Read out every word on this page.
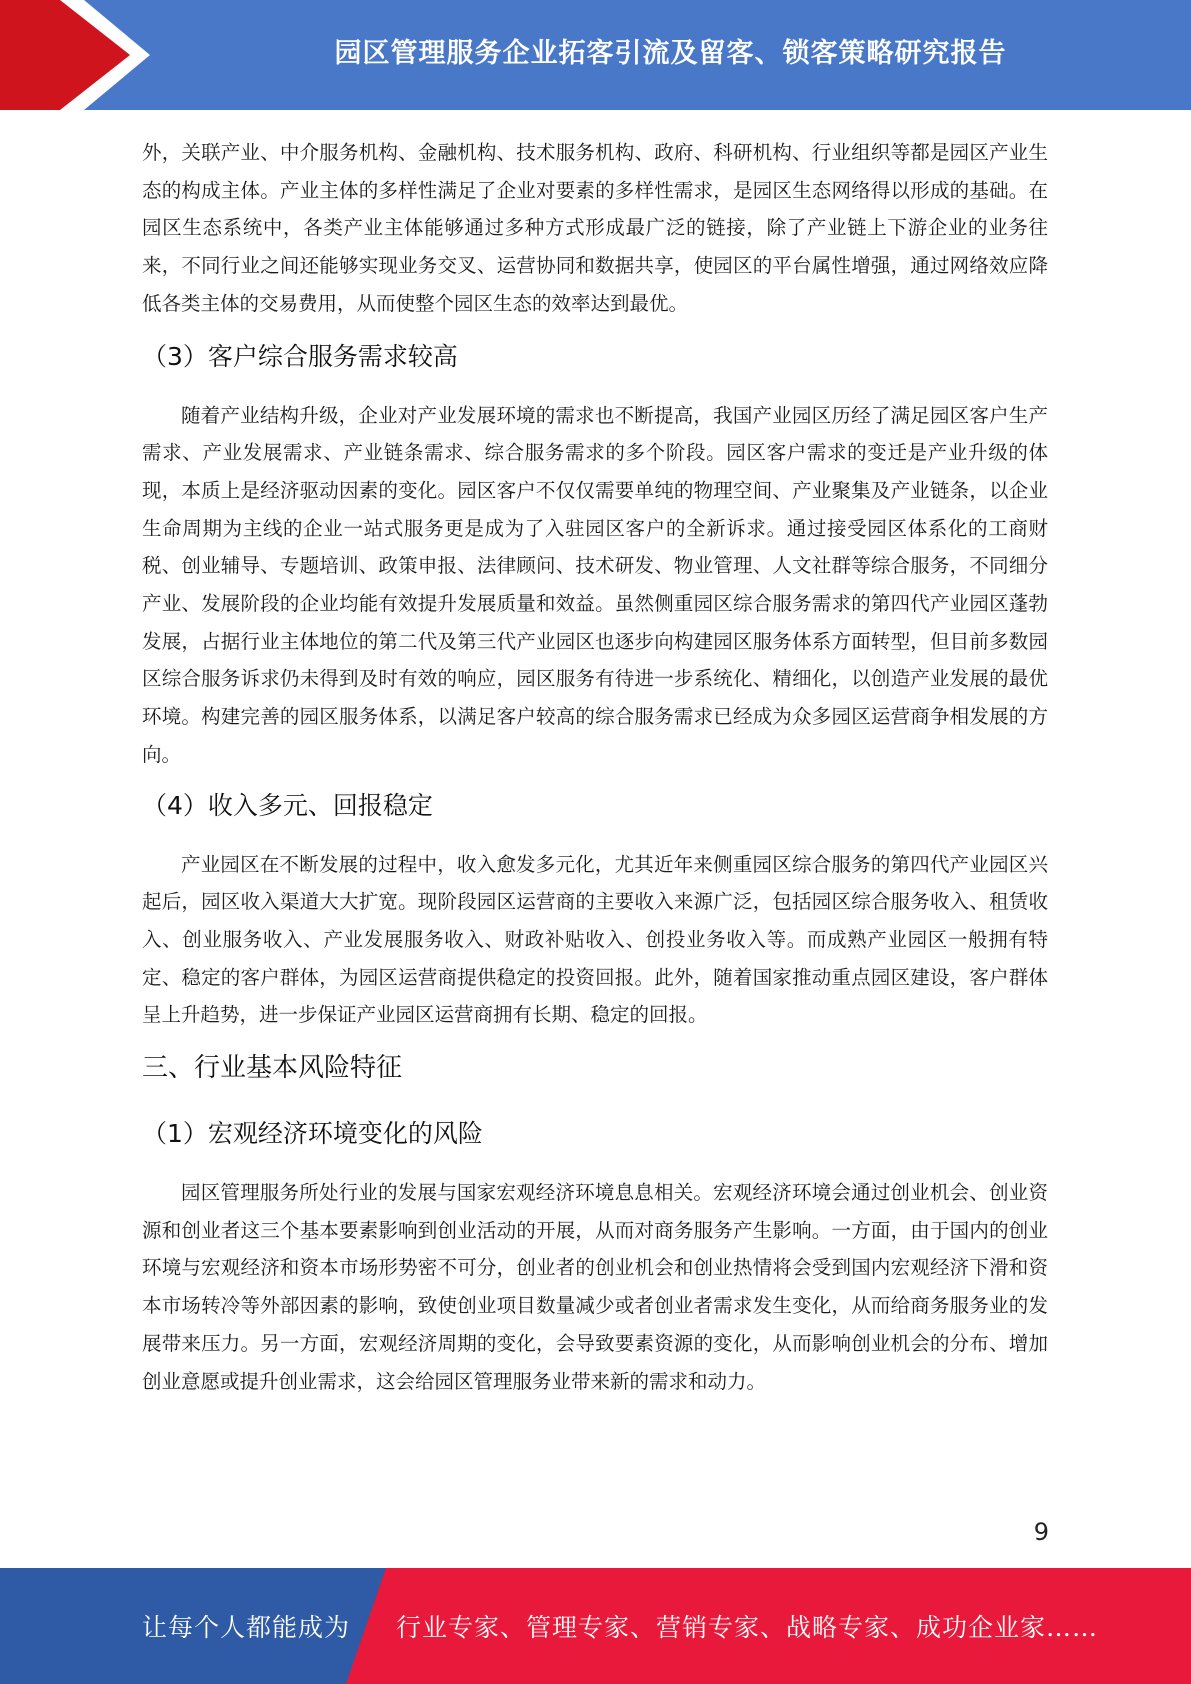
园区管理服务企业拓客引流及留客、锁客策略研究报告

外，关联产业、中介服务机构、金融机构、技术服务机构、政府、科研机构、行业组织等都是园区产业生态的构成主体。产业主体的多样性满足了企业对要素的多样性需求，是园区生态网络得以形成的基础。在园区生态系统中，各类产业主体能够通过多种方式形成最广泛的链接，除了产业链上下游企业的业务往来，不同行业之间还能够实现业务交叉、运营协同和数据共享，使园区的平台属性增强，通过网络效应降低各类主体的交易费用，从而使整个园区生态的效率达到最优。

（3）客户综合服务需求较高

随着产业结构升级，企业对产业发展环境的需求也不断提高，我国产业园区历经了满足园区客户生产需求、产业发展需求、产业链条需求、综合服务需求的多个阶段。园区客户需求的变迁是产业升级的体现，本质上是经济驱动因素的变化。园区客户不仅仅需要单纯的物理空间、产业聚集及产业链条，以企业生命周期为主线的企业一站式服务更是成为了入驻园区客户的全新诉求。通过接受园区体系化的工商财税、创业辅导、专题培训、政策申报、法律顾问、技术研发、物业管理、人文社群等综合服务，不同细分产业、发展阶段的企业均能有效提升发展质量和效益。虽然侧重园区综合服务需求的第四代产业园区蓬勃发展，占据行业主体地位的第二代及第三代产业园区也逐步向构建园区服务体系方面转型，但目前多数园区综合服务诉求仍未得到及时有效的响应，园区服务有待进一步系统化、精细化，以创造产业发展的最优环境。构建完善的园区服务体系，以满足客户较高的综合服务需求已经成为众多园区运营商争相发展的方向。

（4）收入多元、回报稳定

产业园区在不断发展的过程中，收入愈发多元化，尤其近年来侧重园区综合服务的第四代产业园区兴起后，园区收入渠道大大扩宽。现阶段园区运营商的主要收入来源广泛，包括园区综合服务收入、租赁收入、创业服务收入、产业发展服务收入、财政补贴收入、创投业务收入等。而成熟产业园区一般拥有特定、稳定的客户群体，为园区运营商提供稳定的投资回报。此外，随着国家推动重点园区建设，客户群体呈上升趋势，进一步保证产业园区运营商拥有长期、稳定的回报。

三、行业基本风险特征
（1）宏观经济环境变化的风险

园区管理服务所处行业的发展与国家宏观经济环境息息相关。宏观经济环境会通过创业机会、创业资源和创业者这三个基本要素影响到创业活动的开展，从而对商务服务产生影响。一方面，由于国内的创业环境与宏观经济和资本市场形势密不可分，创业者的创业机会和创业热情将会受到国内宏观经济下滑和资本市场转冷等外部因素的影响，致使创业项目数量减少或者创业者需求发生变化，从而给商务服务业的发展带来压力。另一方面，宏观经济周期的变化，会导致要素资源的变化，从而影响创业机会的分布、增加创业意愿或提升创业需求，这会给园区管理服务业带来新的需求和动力。

9
让每个人都能成为 行业专家、管理专家、营销专家、战略专家、成功企业家……
